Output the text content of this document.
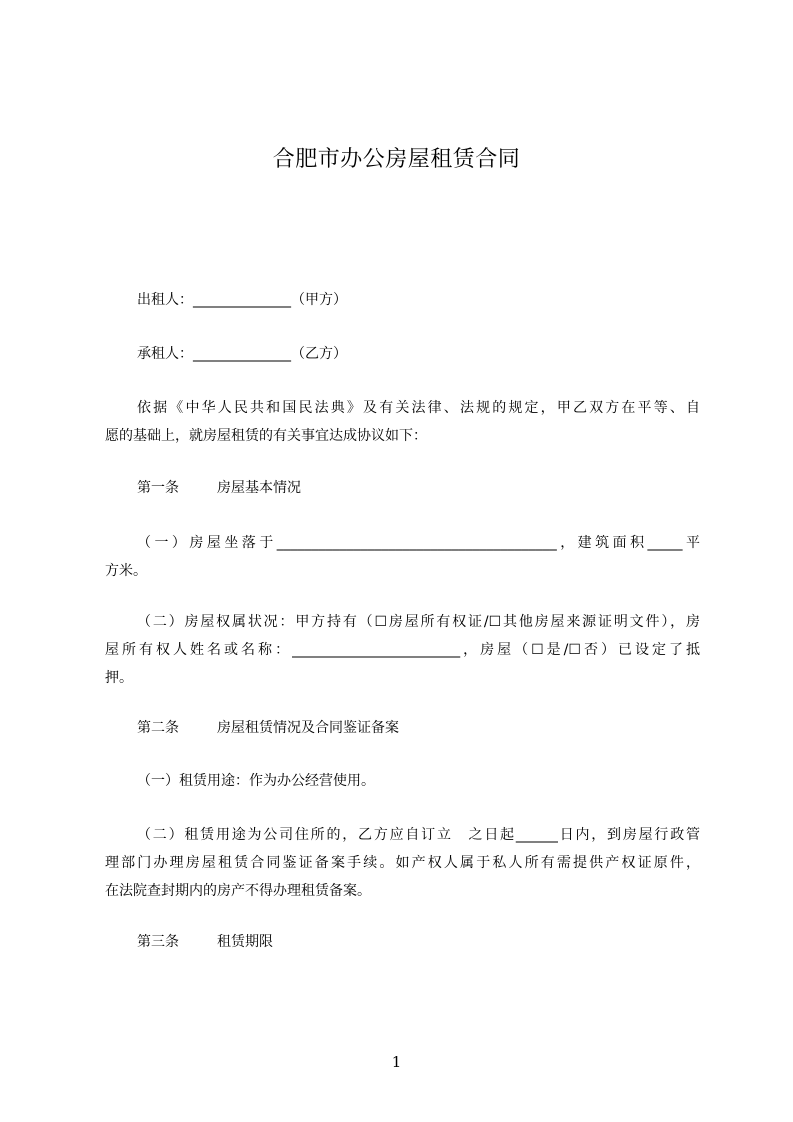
合肥市办公房屋租赁合同
出租人：______________（甲方）
承租人：______________（乙方）
依据《中华人民共和国民法典》及有关法律、法规的规定，甲乙双方在平等、自
愿的基础上，就房屋租赁的有关事宜达成协议如下：
第一条	房屋基本情况
（一）房屋坐落于________________________________________，建筑面积_____平
方米。
（二）房屋权属状况：甲方持有（☐房屋所有权证/☐其他房屋来源证明文件），房
屋所有权人姓名或名称：________________________，房屋（☐是/☐否）已设定了抵
押。
第二条	房屋租赁情况及合同鉴证备案
（一）租赁用途：作为办公经营使用。
（二）租赁用途为公司住所的，乙方应自订立　之日起______日内，到房屋行政管
理部门办理房屋租赁合同鉴证备案手续。如产权人属于私人所有需提供产权证原件，
在法院查封期内的房产不得办理租赁备案。
第三条	租赁期限
1
